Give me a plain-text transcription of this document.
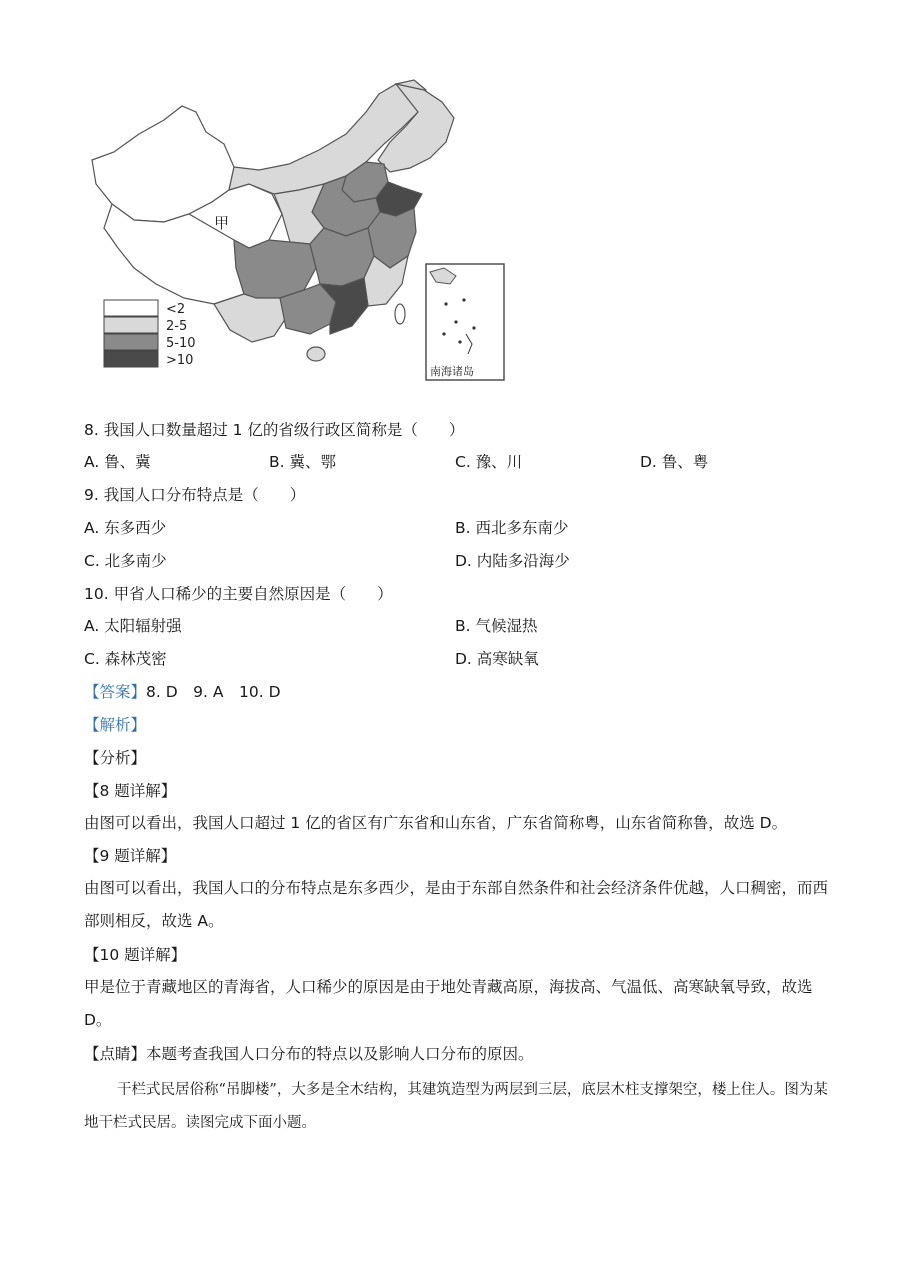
甲
<2
2-5
5-10
>10
南海诸岛
8. 我国人口数量超过 1 亿的省级行政区简称是（　　）
A. 鲁、冀	B. 冀、鄂	C. 豫、川	D. 鲁、粤
9. 我国人口分布特点是（　　）
A. 东多西少	B. 西北多东南少
C. 北多南少	D. 内陆多沿海少
10. 甲省人口稀少的主要自然原因是（　　）
A. 太阳辐射强	B. 气候湿热
C. 森林茂密	D. 高寒缺氧
【答案】8. D　9. A　10. D
【解析】
【分析】
【8 题详解】
由图可以看出，我国人口超过 1 亿的省区有广东省和山东省，广东省简称粤，山东省简称鲁，故选 D。
【9 题详解】
由图可以看出，我国人口的分布特点是东多西少，是由于东部自然条件和社会经济条件优越，人口稠密，而西部则相反，故选 A。
【10 题详解】
甲是位于青藏地区的青海省，人口稀少的原因是由于地处青藏高原，海拔高、气温低、高寒缺氧导致，故选 D。
【点睛】本题考查我国人口分布的特点以及影响人口分布的原因。
干栏式民居俗称“吊脚楼”，大多是全木结构，其建筑造型为两层到三层，底层木柱支撑架空，楼上住人。图为某地干栏式民居。读图完成下面小题。
